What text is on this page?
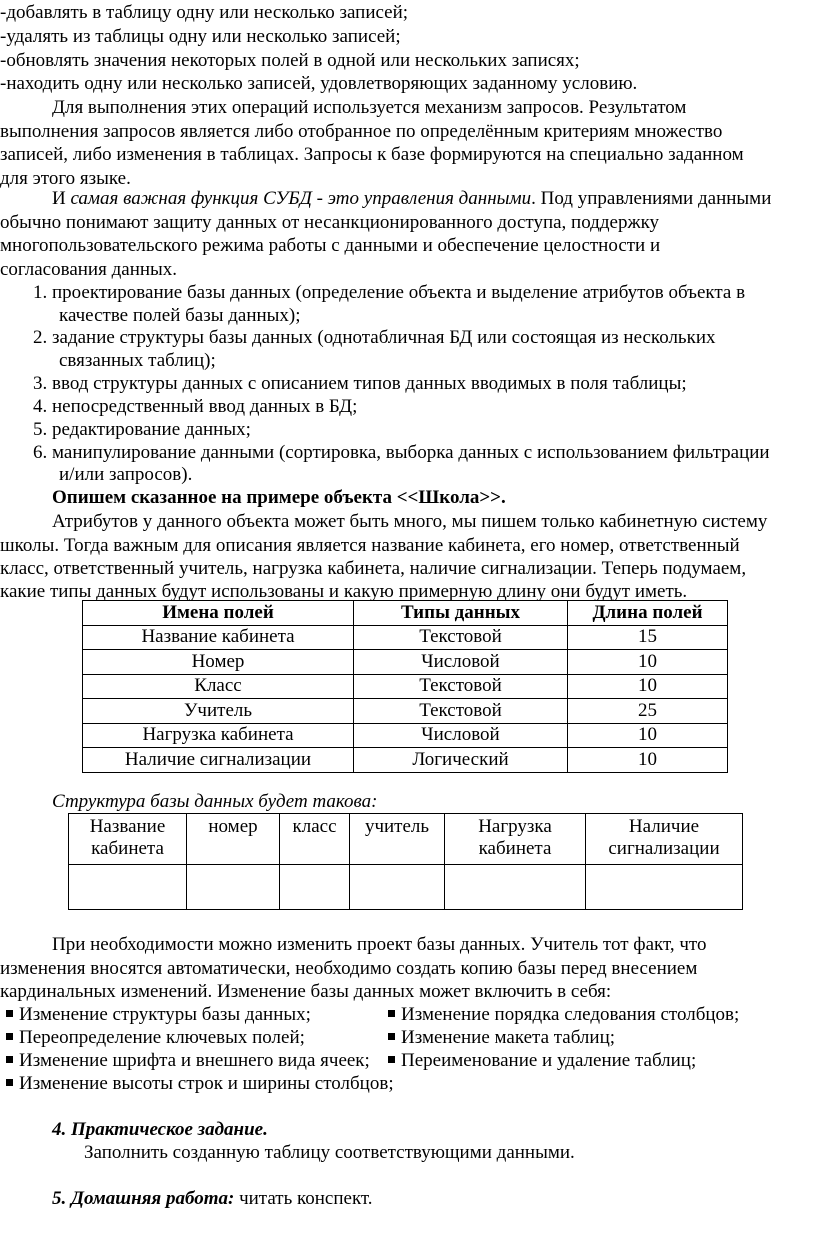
-добавлять в таблицу одну или несколько записей;
-удалять из таблицы одну или несколько записей;
-обновлять значения некоторых полей в одной или нескольких записях;
-находить одну или несколько записей, удовлетворяющих заданному условию.
Для выполнения этих операций используется механизм запросов. Результатом
выполнения запросов является либо отобранное по определённым критериям множество
записей, либо изменения в таблицах. Запросы к базе формируются на специально заданном
для этого языке.
И самая важная функция СУБД - это управления данными. Под управлениями данными
обычно понимают защиту данных от несанкционированного доступа, поддержку
многопользовательского режима работы с данными и обеспечение целостности и
согласования данных.
1. проектирование базы данных (определение объекта и выделение атрибутов объекта в
качестве полей базы данных);
2. задание структуры базы данных (однотабличная БД или состоящая из нескольких
связанных таблиц);
3. ввод структуры данных с описанием типов данных вводимых в поля таблицы;
4. непосредственный ввод данных в БД;
5. редактирование данных;
6. манипулирование данными (сортировка, выборка данных с использованием фильтрации
и/или запросов).
Опишем сказанное на примере объекта <<Школа>>.
Атрибутов у данного объекта может быть много, мы пишем только кабинетную систему
школы. Тогда важным для описания является название кабинета, его номер, ответственный
класс, ответственный учитель, нагрузка кабинета, наличие сигнализации. Теперь подумаем,
какие типы данных будут использованы и какую примерную длину они будут иметь.
Имена полей	Типы данных	Длина полей
Название кабинета	Текстовой	15
Номер	Числовой	10
Класс	Текстовой	10
Учитель	Текстовой	25
Нагрузка кабинета	Числовой	10
Наличие сигнализации	Логический	10
Структура базы данных будет такова:
Название
кабинета	номер	класс	учитель	Нагрузка
кабинета	Наличие
сигнализации

При необходимости можно изменить проект базы данных. Учитель тот факт, что
изменения вносятся автоматически, необходимо создать копию базы перед внесением
кардинальных изменений. Изменение базы данных может включить в себя:
Изменение структуры базы данных;	Изменение порядка следования столбцов;
Переопределение ключевых полей;	Изменение макета таблиц;
Изменение шрифта и внешнего вида ячеек;	Переименование и удаление таблиц;
Изменение высоты строк и ширины столбцов;
4. Практическое задание.
Заполнить созданную таблицу соответствующими данными.
5. Домашняя работа: читать конспект.
